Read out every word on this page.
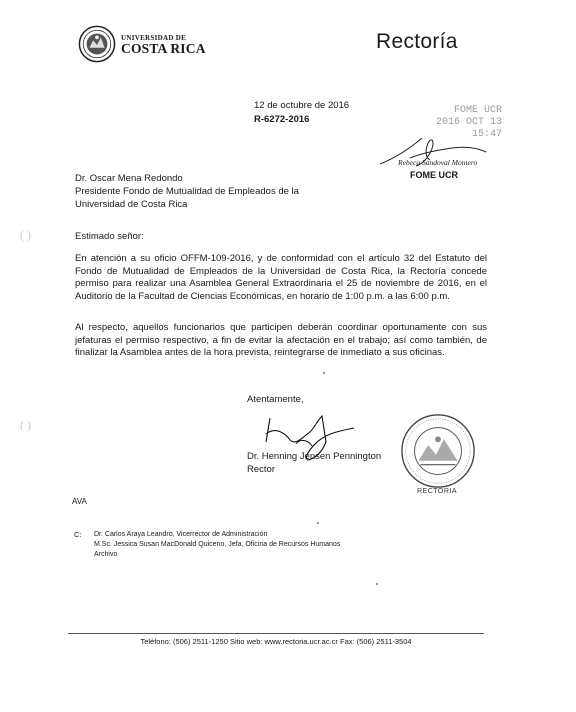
UNIVERSIDAD DE
COSTA RICA	Rectoría
12 de octubre de 2016
R-6272-2016
FOME UCR
2016 OCT 13 15:47
Rebeca Sandoval Montero
FOME UCR
Dr. Oscar Mena Redondo
Presidente Fondo de Mutualidad de Empleados de la
Universidad de Costa Rica
( )	Estimado señor:
En atención a su oficio OFFM-109-2016, y de conformidad con el artículo 32 del Estatuto del Fondo de Mutualidad de Empleados de la Universidad de Costa Rica, la Rectoría concede permiso para realizar una Asamblea General Extraordinaria el 25 de noviembre de 2016, en el Auditorio de la Facultad de Ciencias Económicas, en horario de 1:00 p.m. a las 6:00 p.m.
Al respecto, aquellos funcionarios que participen deberán coordinar oportunamente con sus jefaturas el permiso respectivo, a fin de evitar la afectación en el trabajo; así como también, de finalizar la Asamblea antes de la hora prevista, reintegrarse de inmediato a sus oficinas.
( )
Atentamente,
Dr. Henning Jensen Pennington
Rector
RECTORIA
AVA
C: Dr. Carlos Araya Leandro, Vicerrector de Administración
M.Sc. Jessica Susan MacDonald Quiceno, Jefa, Oficina de Recursos Humanos
Archivo
Teléfono: (506) 2511-1250 Sitio web: www.rectoria.ucr.ac.cr Fax: (506) 2511-3504
· ·
